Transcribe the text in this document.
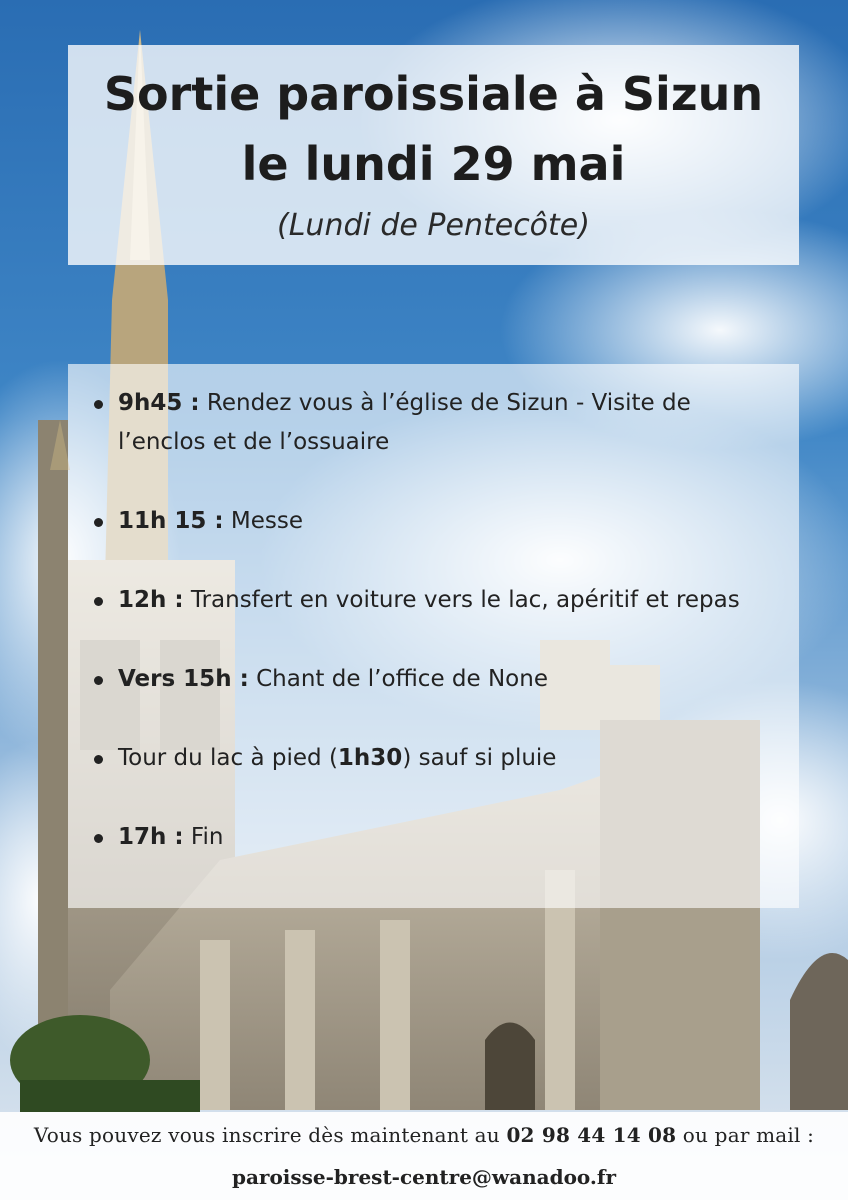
Sortie paroissiale à Sizun

le lundi 29 mai

(Lundi de Pentecôte)
9h45 : Rendez vous à l’église de Sizun - Visite de l’enclos et de l’ossuaire
11h 15 : Messe
12h : Transfert en voiture vers le lac, apéritif et repas
Vers 15h : Chant de l’office de None
Tour du lac à pied (1h30) sauf si pluie
17h : Fin
Vous pouvez vous inscrire dès maintenant au 02 98 44 14 08 ou par mail :
paroisse-brest-centre@wanadoo.fr
